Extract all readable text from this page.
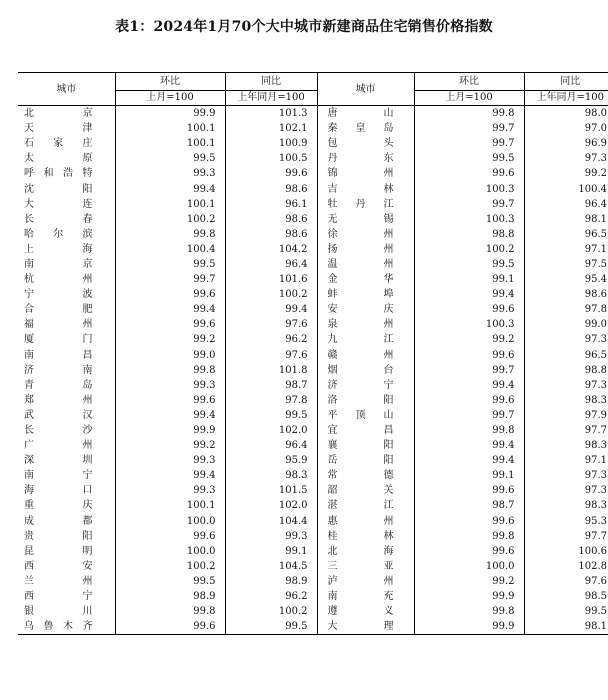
表1：2024年1月70个大中城市新建商品住宅销售价格指数
城市	环比	同比	城市	环比	同比
	上月=100	上年同月=100		上月=100	上年同月=100
北　京	99.9	101.3	唐　山	99.8	98.0
天　津	100.1	102.1	秦皇岛	99.7	97.0
石家庄	100.1	100.9	包　头	99.7	96.9
太　原	99.5	100.5	丹　东	99.5	97.3
呼和浩特	99.3	99.6	锦　州	99.6	99.2
沈　阳	99.4	98.6	吉　林	100.3	100.4
大　连	100.1	96.1	牡丹江	99.7	96.4
长　春	100.2	98.6	无　锡	100.3	98.1
哈尔滨	99.8	98.6	徐　州	98.8	96.5
上　海	100.4	104.2	扬　州	100.2	97.1
南　京	99.5	96.4	温　州	99.5	97.5
杭　州	99.7	101.6	金　华	99.1	95.4
宁　波	99.6	100.2	蚌　埠	99.4	98.6
合　肥	99.4	99.4	安　庆	99.6	97.8
福　州	99.6	97.6	泉　州	100.3	99.0
厦　门	99.2	96.2	九　江	99.2	97.3
南　昌	99.0	97.6	赣　州	99.6	96.5
济　南	99.8	101.8	烟　台	99.7	98.8
青　岛	99.3	98.7	济　宁	99.4	97.3
郑　州	99.6	97.8	洛　阳	99.6	98.3
武　汉	99.4	99.5	平顶山	99.7	97.9
长　沙	99.9	102.0	宜　昌	99.8	97.7
广　州	99.2	96.4	襄　阳	99.4	98.3
深　圳	99.3	95.9	岳　阳	99.4	97.1
南　宁	99.4	98.3	常　德	99.1	97.3
海　口	99.3	101.5	韶　关	99.6	97.3
重　庆	100.1	102.0	湛　江	98.7	98.3
成　都	100.0	104.4	惠　州	99.6	95.3
贵　阳	99.6	99.3	桂　林	99.8	97.7
昆　明	100.0	99.1	北　海	99.6	100.6
西　安	100.2	104.5	三　亚	100.0	102.8
兰　州	99.5	98.9	泸　州	99.2	97.6
西　宁	98.9	96.2	南　充	99.9	98.5
银　川	99.8	100.2	遵　义	99.8	99.5
乌鲁木齐	99.6	99.5	大　理	99.9	98.1
